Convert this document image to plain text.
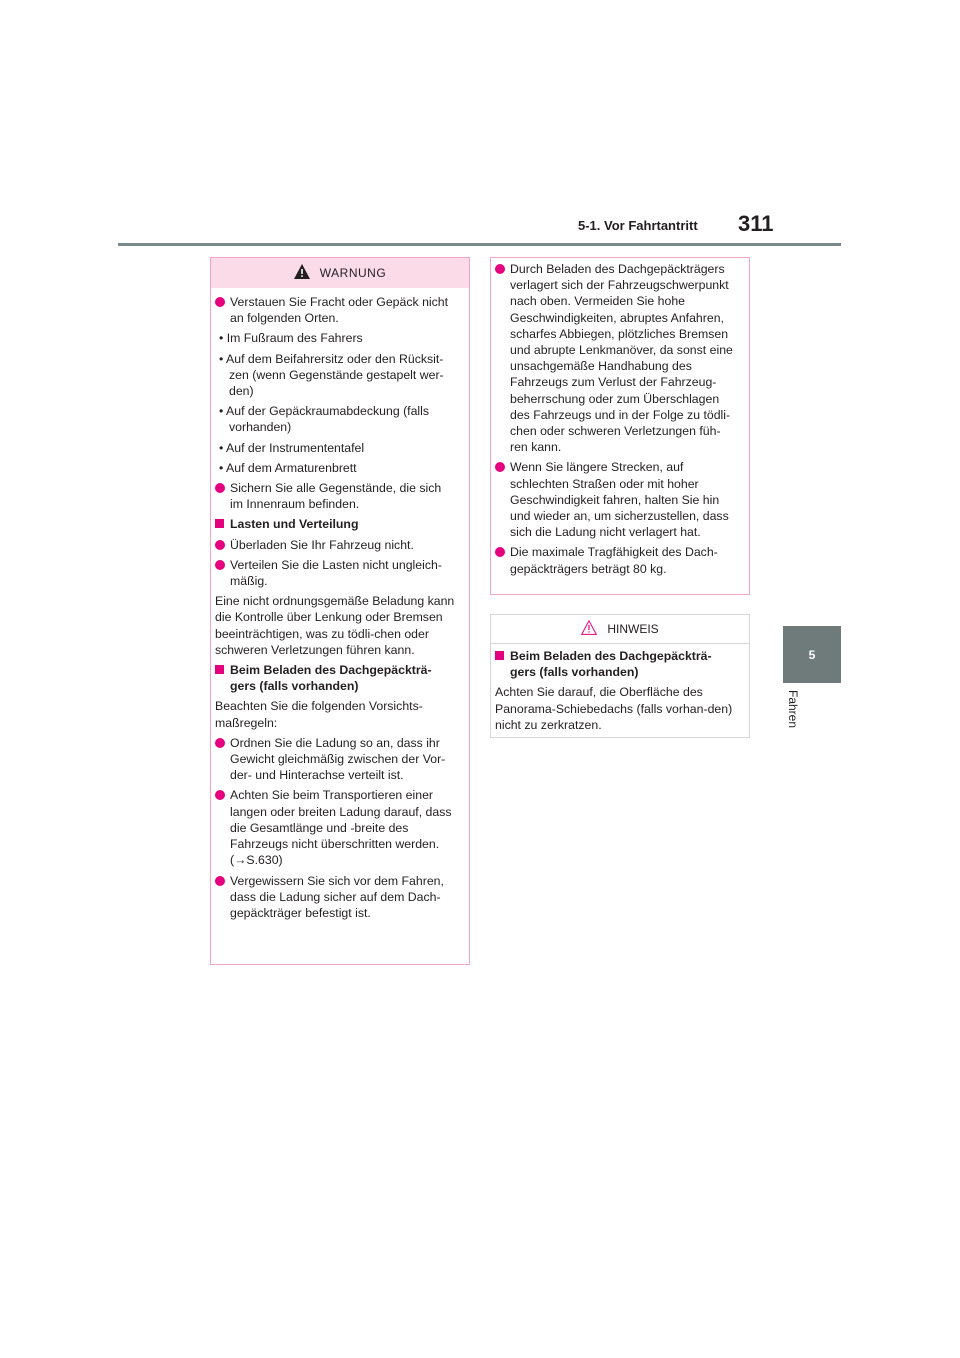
5-1. Vor Fahrtantritt 311
5
Fahren
WARNUNG

Verstauen Sie Fracht oder Gepäck nicht an folgenden Orten.

• Im Fußraum des Fahrers

• Auf dem Beifahrersitz oder den Rücksit-zen (wenn Gegenstände gestapelt wer-den)

• Auf der Gepäckraumabdeckung (falls vorhanden)

• Auf der Instrumententafel

• Auf dem Armaturenbrett

Sichern Sie alle Gegenstände, die sich im Innenraum befinden.

Lasten und Verteilung

Überladen Sie Ihr Fahrzeug nicht.

Verteilen Sie die Lasten nicht ungleich-mäßig.

Eine nicht ordnungsgemäße Beladung kann die Kontrolle über Lenkung oder Bremsen beeinträchtigen, was zu tödli-chen oder schweren Verletzungen führen kann.

Beim Beladen des Dachgepäckträ-gers (falls vorhanden)

Beachten Sie die folgenden Vorsichts-maßregeln:

Ordnen Sie die Ladung so an, dass ihr Gewicht gleichmäßig zwischen der Vor-der- und Hinterachse verteilt ist.

Achten Sie beim Transportieren einer langen oder breiten Ladung darauf, dass die Gesamtlänge und -breite des Fahrzeugs nicht überschritten werden. (→S.630)

Vergewissern Sie sich vor dem Fahren, dass die Ladung sicher auf dem Dach-gepäckträger befestigt ist.

Durch Beladen des Dachgepäckträgers verlagert sich der Fahrzeugschwerpunkt nach oben. Vermeiden Sie hohe Geschwindigkeiten, abruptes Anfahren, scharfes Abbiegen, plötzliches Bremsen und abrupte Lenkmanöver, da sonst eine unsachgemäße Handhabung des Fahrzeugs zum Verlust der Fahrzeug-beherrschung oder zum Überschlagen des Fahrzeugs und in der Folge zu tödli-chen oder schweren Verletzungen füh-ren kann.

Wenn Sie längere Strecken, auf schlechten Straßen oder mit hoher Geschwindigkeit fahren, halten Sie hin und wieder an, um sicherzustellen, dass sich die Ladung nicht verlagert hat.

Die maximale Tragfähigkeit des Dach-gepäckträgers beträgt 80 kg.

HINWEIS

Beim Beladen des Dachgepäckträ-gers (falls vorhanden)

Achten Sie darauf, die Oberfläche des Panorama-Schiebedachs (falls vorhan-den) nicht zu zerkratzen.
